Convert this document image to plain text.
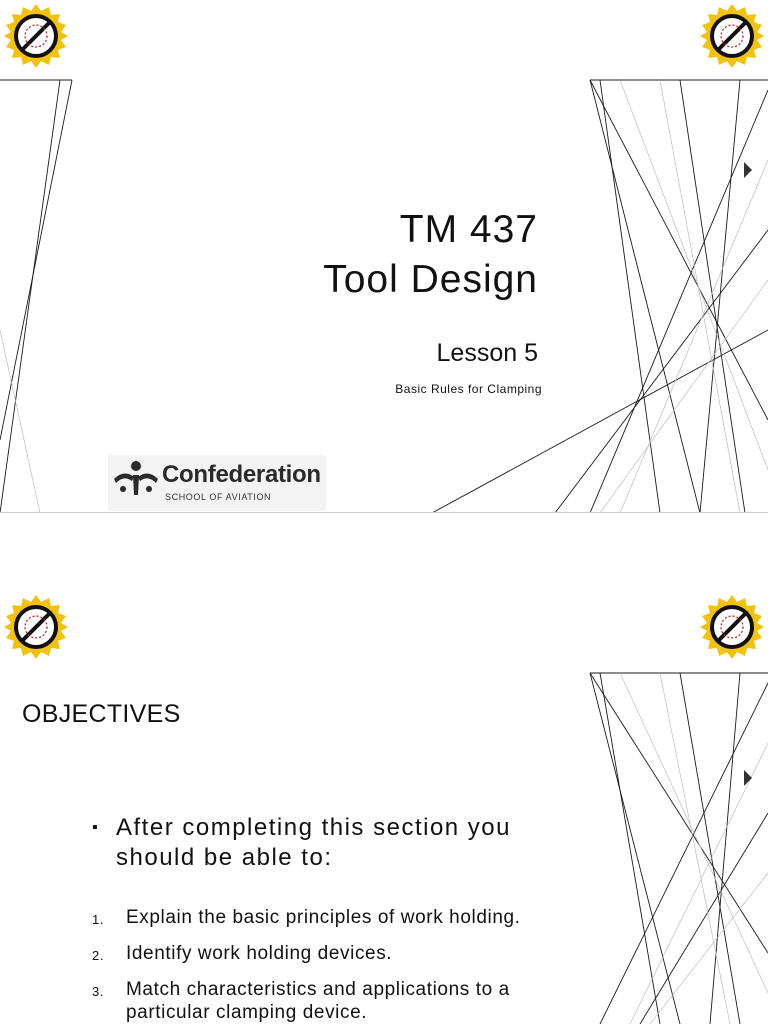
TM 437
Tool Design
Lesson 5
Basic Rules for Clamping
Confederation
SCHOOL OF AVIATION
OBJECTIVES
▪ After completing this section you should be able to:
1. Explain the basic principles of work holding.
2. Identify work holding devices.
3. Match characteristics and applications to a particular clamping device.
